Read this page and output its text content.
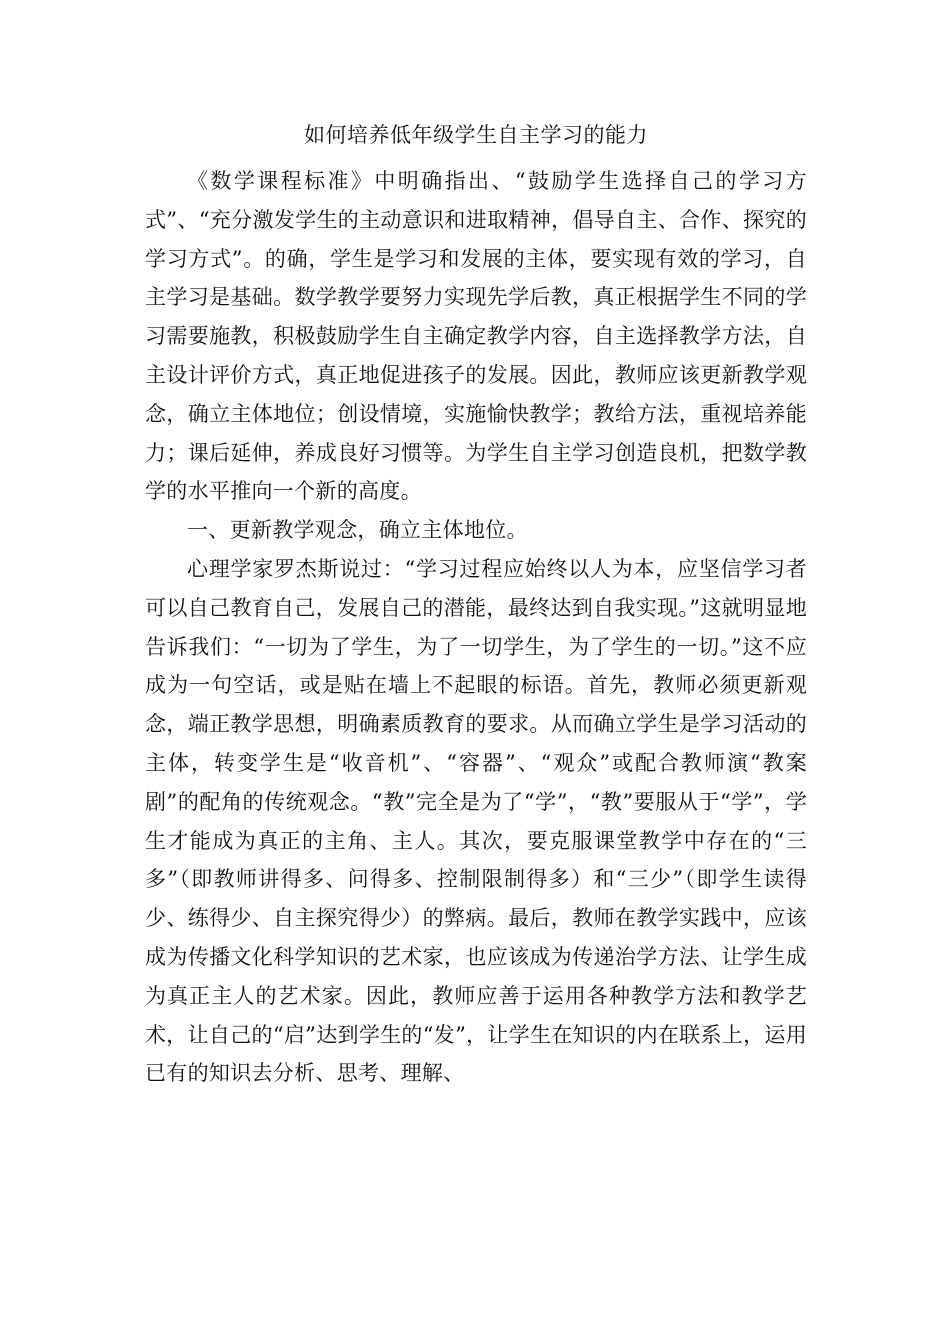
如何培养低年级学生自主学习的能力

《数学课程标准》中明确指出、“鼓励学生选择自己的学习方式”、“充分激发学生的主动意识和进取精神，倡导自主、合作、探究的学习方式”。的确，学生是学习和发展的主体，要实现有效的学习，自主学习是基础。数学教学要努力实现先学后教，真正根据学生不同的学习需要施教，积极鼓励学生自主确定教学内容，自主选择教学方法，自主设计评价方式，真正地促进孩子的发展。因此，教师应该更新教学观念，确立主体地位；创设情境，实施愉快教学；教给方法，重视培养能力；课后延伸，养成良好习惯等。为学生自主学习创造良机，把数学教学的水平推向一个新的高度。

一、更新教学观念，确立主体地位。

心理学家罗杰斯说过：“学习过程应始终以人为本，应坚信学习者可以自己教育自己，发展自己的潜能，最终达到自我实现。”这就明显地告诉我们：“一切为了学生，为了一切学生，为了学生的一切。”这不应成为一句空话，或是贴在墙上不起眼的标语。首先，教师必须更新观念，端正教学思想，明确素质教育的要求。从而确立学生是学习活动的主体，转变学生是“收音机”、“容器”、“观众”或配合教师演“教案剧”的配角的传统观念。“教”完全是为了“学”，“教”要服从于“学”，学生才能成为真正的主角、主人。其次，要克服课堂教学中存在的“三多”（即教师讲得多、问得多、控制限制得多）和“三少”（即学生读得少、练得少、自主探究得少）的弊病。最后，教师在教学实践中，应该成为传播文化科学知识的艺术家，也应该成为传递治学方法、让学生成为真正主人的艺术家。因此，教师应善于运用各种教学方法和教学艺术，让自己的“启”达到学生的“发”，让学生在知识的内在联系上，运用已有的知识去分析、思考、理解、
